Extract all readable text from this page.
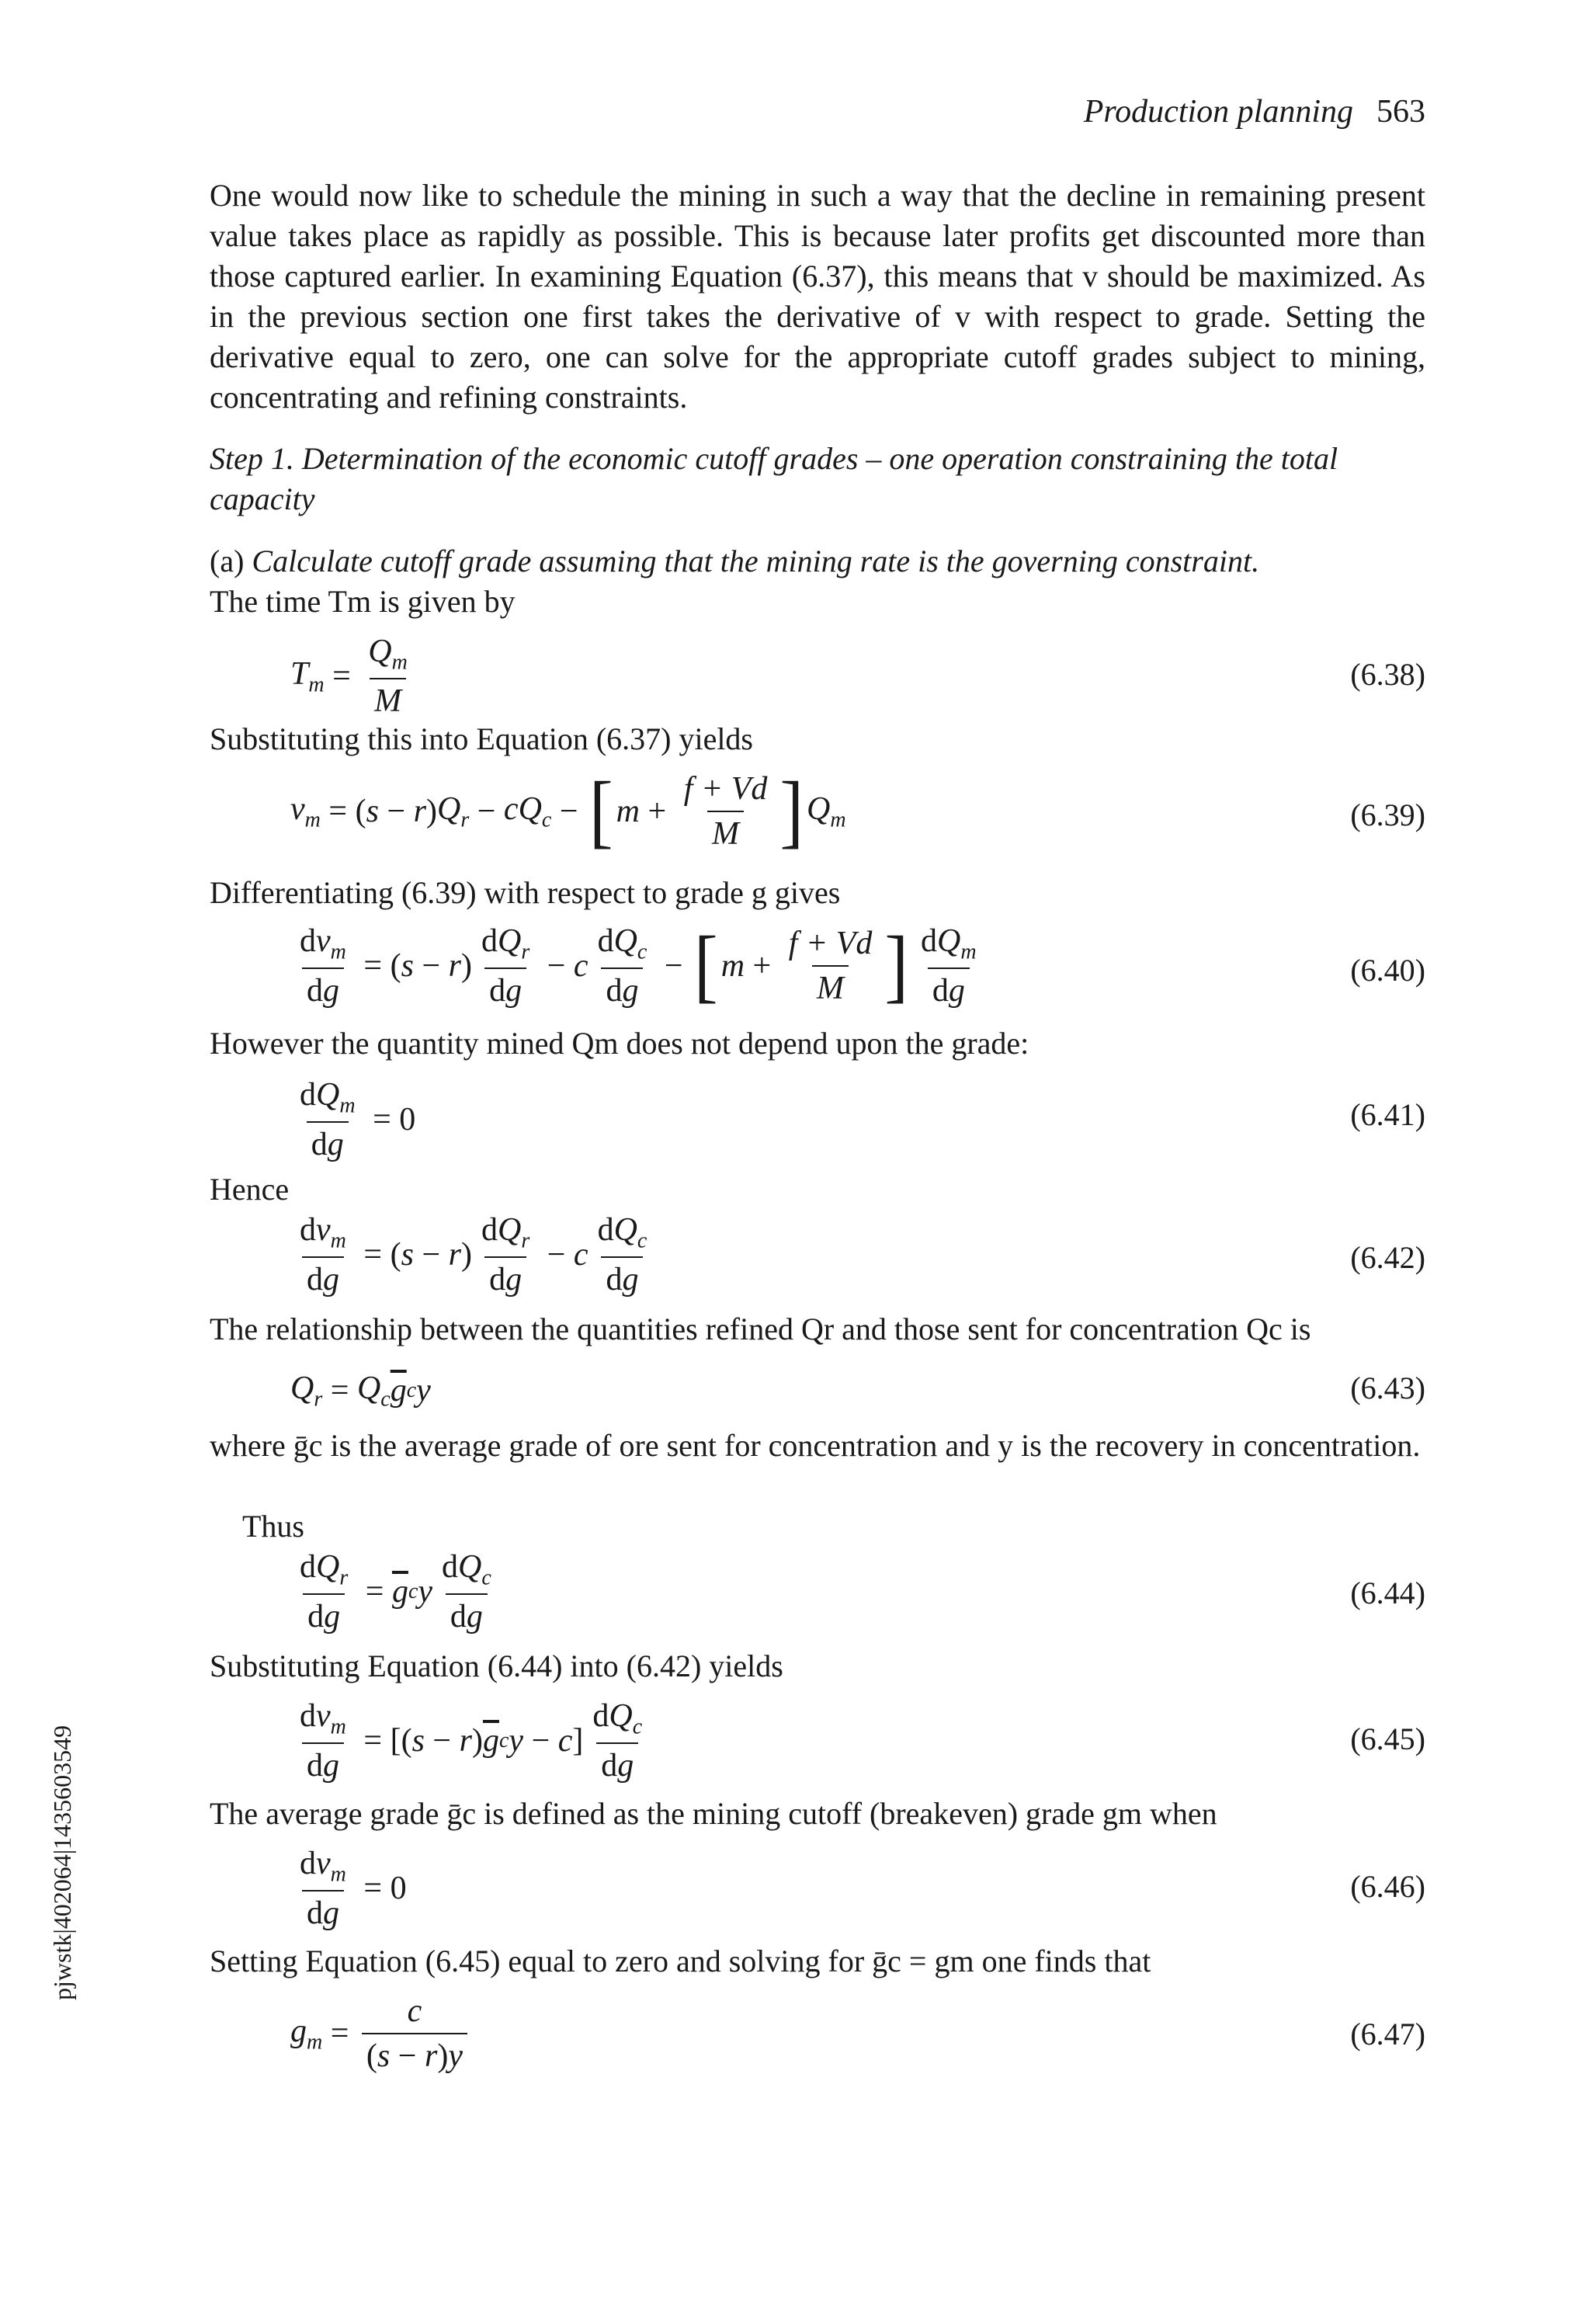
Production planning 563
One would now like to schedule the mining in such a way that the decline in remaining present value takes place as rapidly as possible. This is because later profits get discounted more than those captured earlier. In examining Equation (6.37), this means that v should be maximized. As in the previous section one first takes the derivative of v with respect to grade. Setting the derivative equal to zero, one can solve for the appropriate cutoff grades subject to mining, concentrating and refining constraints.
Step 1. Determination of the economic cutoff grades – one operation constraining the total capacity
(a) Calculate cutoff grade assuming that the mining rate is the governing constraint.
The time Tm is given by
$T_m = \frac{Q_m}{M}$	(6.38)
Substituting this into Equation (6.37) yields
$v_m$ = ( s − r ) $Q_r - cQ_c$ − [ $m + \frac{f + Vd}{M}$ ] $Q_m$	(6.39)
Differentiating (6.39) with respect to grade g gives
$\frac{dv_m}{dg}$ = ( s − r ) $\frac{dQ_r}{dg} - c \frac{dQ_c}{dg}$ − [ $m + \frac{f + Vd}{M}$ ] $\frac{dQ_m}{dg}$	(6.40)
However the quantity mined Qm does not depend upon the grade:
$\frac{dQ_m}{dg} = 0$	(6.41)
Hence
$\frac{dv_m}{dg}$ = ( s − r ) $\frac{dQ_r}{dg} - c \frac{dQ_c}{dg}$	(6.42)
The relationship between the quantities refined Qr and those sent for concentration Qc is
$Q_r = Q_c$ $\overline{g}$ c y	(6.43)
where ḡc is the average grade of ore sent for concentration and y is the recovery in concentration.
Thus
$\frac{dQ_r}{dg} = \overline{g}$ c y $\frac{dQ_c}{dg}$	(6.44)
Substituting Equation (6.44) into (6.42) yields
$\frac{dv_m}{dg}$ = [( s − r ) $\overline{g}$ c y − c ] $\frac{dQ_c}{dg}$	(6.45)
The average grade ḡc is defined as the mining cutoff (breakeven) grade gm when
$\frac{dv_m}{dg} = 0$	(6.46)
Setting Equation (6.45) equal to zero and solving for ḡc = gm one finds that
$g_m = \frac{c}{(s - r)y}$	(6.47)
pjwstk|402064|1435603549
